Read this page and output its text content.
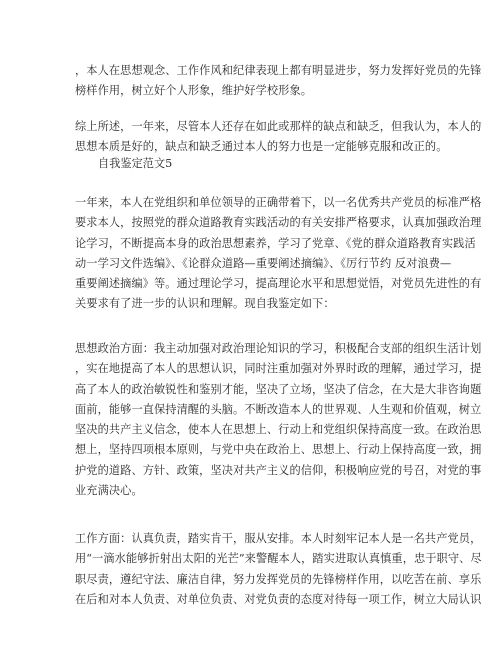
，本人在思想观念、工作作风和纪律表现上都有明显进步，努力发挥好党员的先锋
榜样作用，树立好个人形象，维护好学校形象。
综上所述，一年来，尽管本人还存在如此或那样的缺点和缺乏，但我认为，本人的
思想本质是好的，缺点和缺乏通过本人的努力也是一定能够克服和改正的。
自我鉴定范文5
一年来，本人在党组织和单位领导的正确带着下，以一名优秀共产党员的标准严格
要求本人，按照党的群众道路教育实践活动的有关安排严格要求，认真加强政治理
论学习，不断提高本身的政治思想素养，学习了党章、《党的群众道路教育实践活
动一学习文件选编》、《论群众道路—重要阐述摘编》、《厉行节约 反对浪费—
重要阐述摘编》等。通过理论学习，提高理论水平和思想觉悟，对党员先进性的有
关要求有了进一步的认识和理解。现自我鉴定如下：
思想政治方面：我主动加强对政治理论知识的学习，积极配合支部的组织生活计划
，实在地提高了本人的思想认识，同时注重加强对外界时政的理解，通过学习，提
高了本人的政治敏锐性和鉴别才能，坚决了立场，坚决了信念，在大是大非咨询题
面前，能够一直保持清醒的头脑。不断改造本人的世界观、人生观和价值观，树立
坚决的共产主义信念，使本人在思想上、行动上和党组织保持高度一致。在政治思
想上，坚持四项根本原则，与党中央在政治上、思想上、行动上保持高度一致，拥
护党的道路、方针、政策，坚决对共产主义的信仰，积极响应党的号召，对党的事
业充满决心。
工作方面：认真负责，踏实肯干，服从安排。本人时刻牢记本人是一名共产党员，
用“一滴水能够折射出太阳的光芒”来警醒本人，踏实进取认真慎重，忠于职守、尽
职尽责，遵纪守法、廉洁自律，努力发挥党员的先锋榜样作用，以吃苦在前、享乐
在后和对本人负责、对单位负责、对党负责的态度对待每一项工作，树立大局认识
